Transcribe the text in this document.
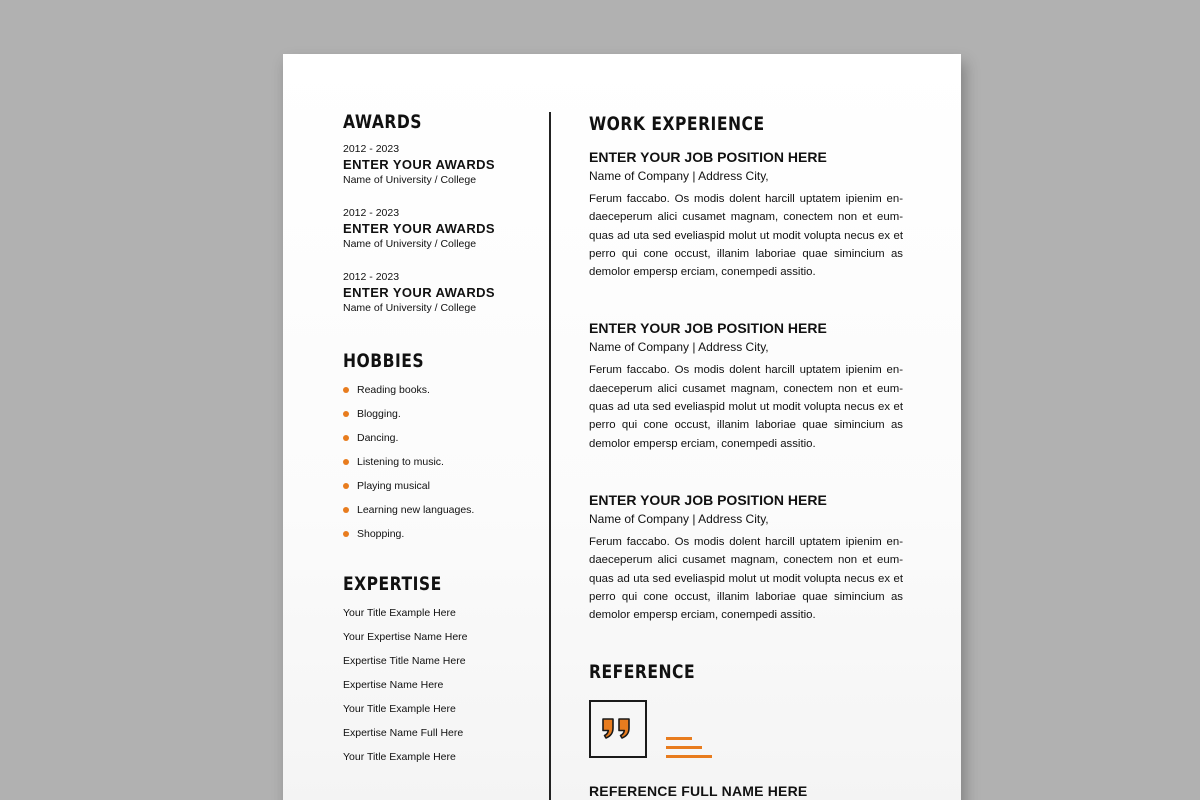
AWARDS
2012 - 2023
ENTER YOUR AWARDS
Name of University / College
2012 - 2023
ENTER YOUR AWARDS
Name of University / College
2012 - 2023
ENTER YOUR AWARDS
Name of University / College
HOBBIES
Reading books.
Blogging.
Dancing.
Listening to music.
Playing musical
Learning new languages.
Shopping.
EXPERTISE
Your Title Example Here
Your Expertise Name Here
Expertise Title Name Here
Expertise Name Here
Your Title Example Here
Expertise Name Full Here
Your Title Example Here
WORK EXPERIENCE
ENTER YOUR JOB POSITION HERE
Name of Company | Address City,
Ferum faccabo. Os modis dolent harcill uptatem ipienim en-daeceperum alici cusamet magnam, conectem non et eum-quas ad uta sed eveliaspid molut ut modit volupta necus ex et perro qui cone occust, illanim laboriae quae simincium as demolor empersp erciam, conempedi assitio.
ENTER YOUR JOB POSITION HERE
Name of Company | Address City,
Ferum faccabo. Os modis dolent harcill uptatem ipienim en-daeceperum alici cusamet magnam, conectem non et eum-quas ad uta sed eveliaspid molut ut modit volupta necus ex et perro qui cone occust, illanim laboriae quae simincium as demolor empersp erciam, conempedi assitio.
ENTER YOUR JOB POSITION HERE
Name of Company | Address City,
Ferum faccabo. Os modis dolent harcill uptatem ipienim en-daeceperum alici cusamet magnam, conectem non et eum-quas ad uta sed eveliaspid molut ut modit volupta necus ex et perro qui cone occust, illanim laboriae quae simincium as demolor empersp erciam, conempedi assitio.
REFERENCE
REFERENCE FULL NAME HERE
